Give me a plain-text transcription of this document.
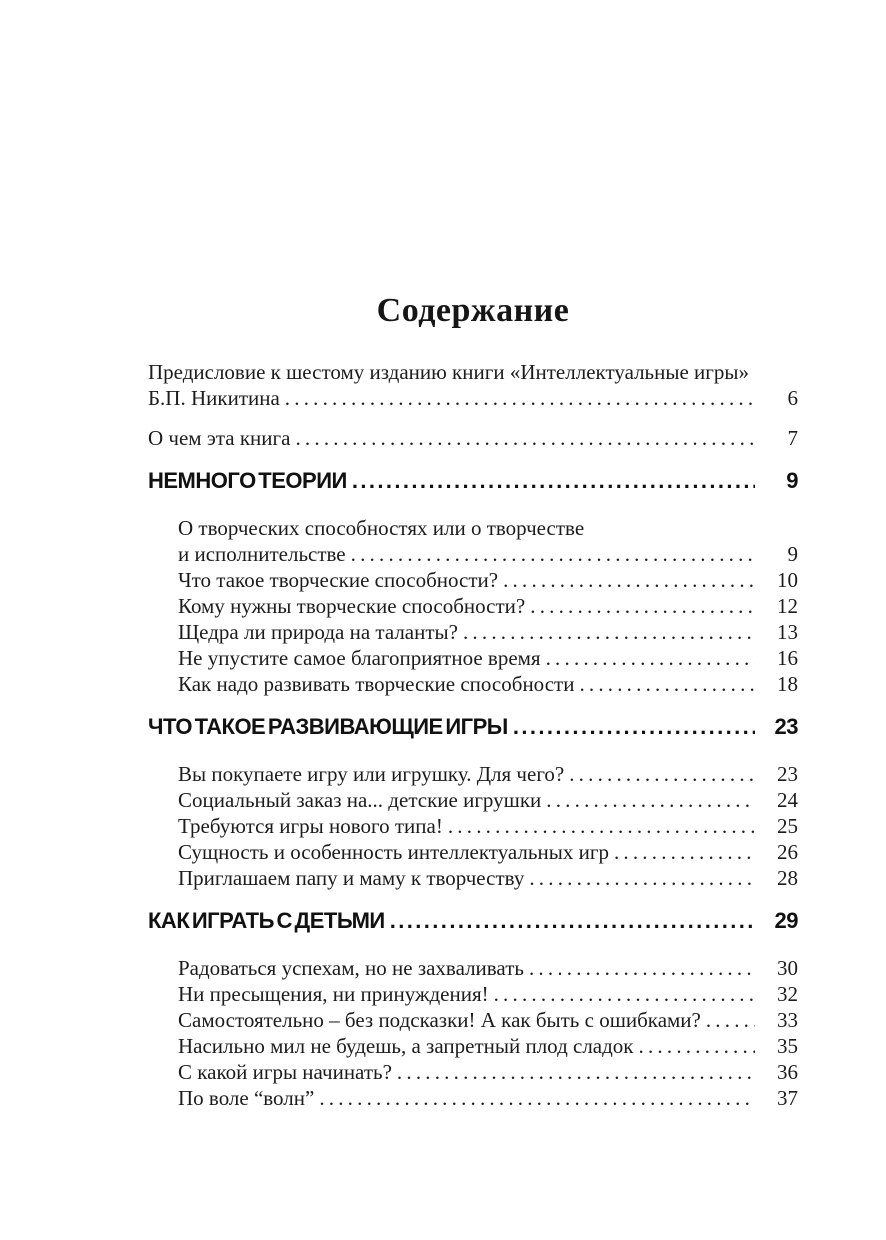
Содержание
Предисловие к шестому изданию книги «Интеллектуальные игры»
Б.П. Никитина .....	6
О чем эта книга .....	7
НЕМНОГО ТЕОРИИ .....	9
О творческих способностях или о творчестве
и исполнительстве .....	9
Что такое творческие способности? .....	10
Кому нужны творческие способности? .....	12
Щедра ли природа на таланты? .....	13
Не упустите самое благоприятное время .....	16
Как надо развивать творческие способности .....	18
ЧТО ТАКОЕ РАЗВИВАЮЩИЕ ИГРЫ .....	23
Вы покупаете игру или игрушку. Для чего? .....	23
Социальный заказ на... детские игрушки .....	24
Требуются игры нового типа! .....	25
Сущность и особенность интеллектуальных игр .....	26
Приглашаем папу и маму к творчеству .....	28
КАК ИГРАТЬ С ДЕТЬМИ .....	29
Радоваться успехам, но не захваливать .....	30
Ни пресыщения, ни принуждения! .....	32
Самостоятельно – без подсказки! А как быть с ошибками? .....	33
Насильно мил не будешь, а запретный плод сладок .....	35
С какой игры начинать? .....	36
По воле “волн” .....	37
